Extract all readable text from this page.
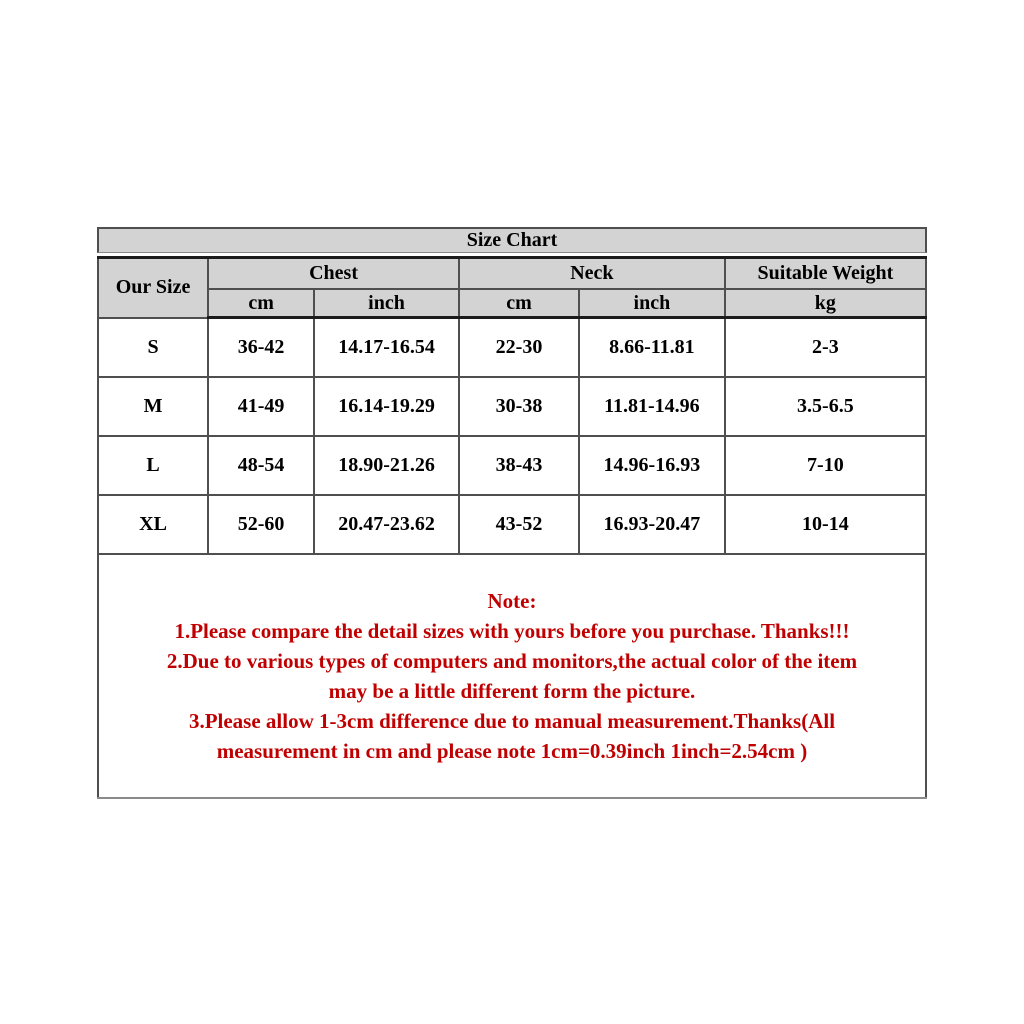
Size Chart
Our Size	Chest		Neck		Suitable Weight
	cm	inch	cm	inch	kg
S	36-42	14.17-16.54	22-30	8.66-11.81	2-3
M	41-49	16.14-19.29	30-38	11.81-14.96	3.5-6.5
L	48-54	18.90-21.26	38-43	14.96-16.93	7-10
XL	52-60	20.47-23.62	43-52	16.93-20.47	10-14

Note:
1.Please compare the detail sizes with yours before you purchase. Thanks!!!
2.Due to various types of computers and monitors,the actual color of the item
may be a little different form the picture.
3.Please allow 1-3cm difference due to manual measurement.Thanks(All
measurement in cm and please note 1cm=0.39inch 1inch=2.54cm )
